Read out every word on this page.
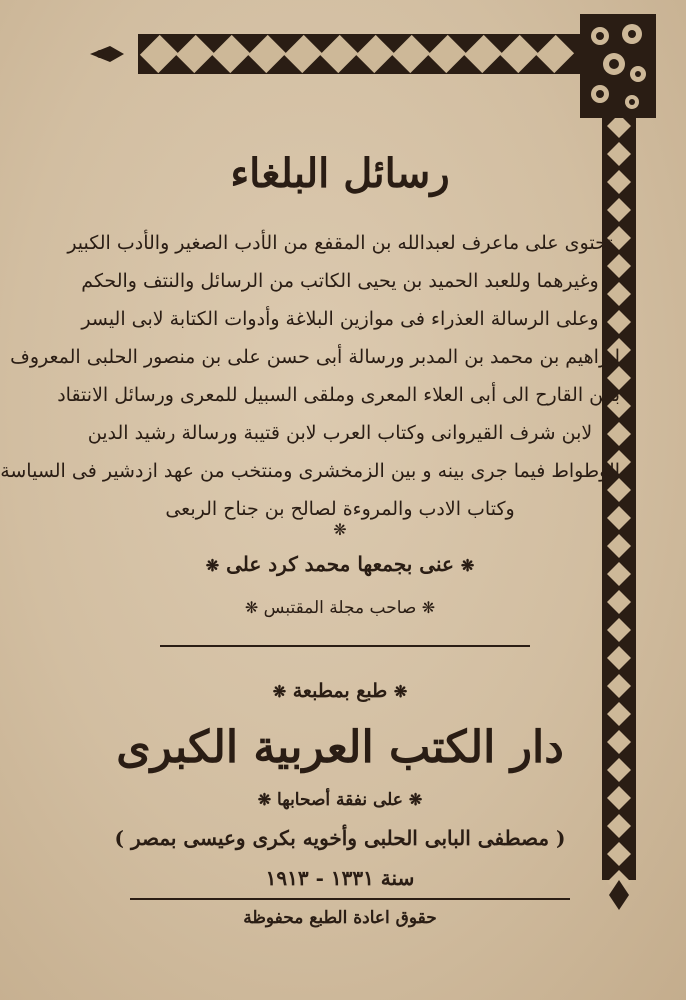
رسائل البلغاء
تحتوى على ماعرف لعبدالله بن المقفع من الأدب الصغير والأدب الكبير
وغيرهما وللعبد الحميد بن يحيى الكاتب من الرسائل والنتف والحكم
وعلى الرسالة العذراء فى موازين البلاغة وأدوات الكتابة لابى اليسر
ابراهيم بن محمد بن المدبر ورسالة أبى حسن على بن منصور الحلبى المعروف
بابن القارح الى أبى العلاء المعرى وملقى السبيل للمعرى ورسائل الانتقاد
لابن شرف القيروانى وكتاب العرب لابن قتيبة ورسالة رشيد الدين
الوطواط فيما جرى بينه و بين الزمخشرى ومنتخب من عهد ازدشير فى السياسة
وكتاب الادب والمروءة لصالح بن جناح الربعى
❋
❋ عنى بجمعها محمد كرد على ❋
❋ صاحب مجلة المقتبس ❋
❋ طبع بمطبعة ❋
دار الكتب العربية الكبرى
❋ على نفقة أصحابها ❋
( مصطفى البابى الحلبى وأخويه بكرى وعيسى بمصر )
سنة ١٣٣١ - ١٩١٣
حقوق اعادة الطبع محفوظة
